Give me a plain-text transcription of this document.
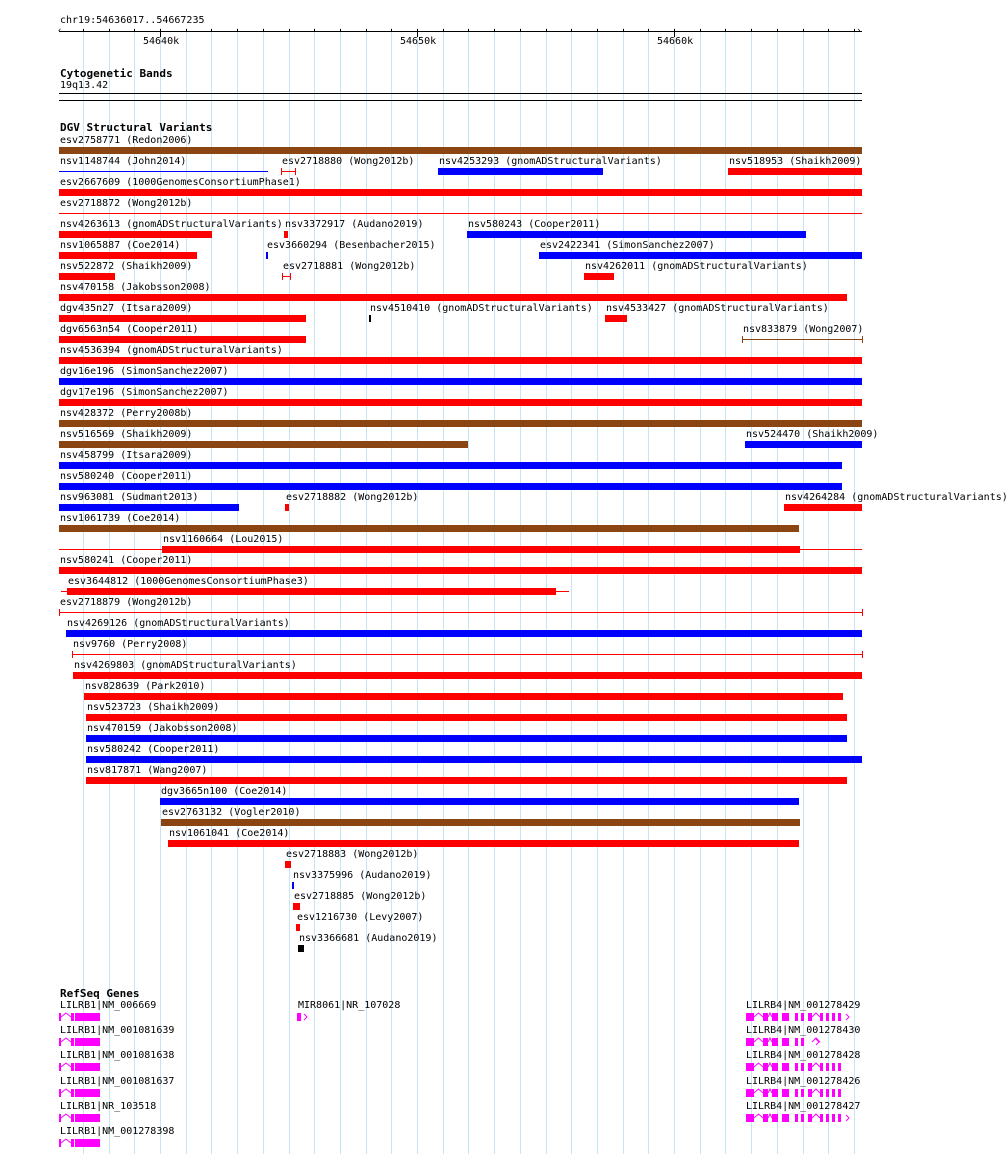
chr19:54636017..54667235
‹	›
54640k	54650k	54660k
Cytogenetic Bands
19q13.42
DGV Structural Variants
esv2758771 (Redon2006)
nsv1148744 (John2014)	esv2718880 (Wong2012b) nsv4253293 (gnomADStructuralVariants)	nsv518953 (Shaikh2009)
esv2667609 (1000GenomesConsortiumPhase1)
esv2718872 (Wong2012b)
nsv4263613 (gnomADStructuralVariants) nsv3372917 (Audano2019)	nsv580243 (Cooper2011)
nsv1065887 (Coe2014)	esv3660294 (Besenbacher2015)	esv2422341 (SimonSanchez2007)
nsv522872 (Shaikh2009)	esv2718881 (Wong2012b)	nsv4262011 (gnomADStructuralVariants)
nsv470158 (Jakobsson2008)
dgv435n27 (Itsara2009)	nsv4510410 (gnomADStructuralVariants) nsv4533427 (gnomADStructuralVariants)
dgv6563n54 (Cooper2011)	nsv833879 (Wong2007)
nsv4536394 (gnomADStructuralVariants)
dgv16e196 (SimonSanchez2007)
dgv17e196 (SimonSanchez2007)
nsv428372 (Perry2008b)
nsv516569 (Shaikh2009)	nsv524470 (Shaikh2009)
nsv458799 (Itsara2009)
nsv580240 (Cooper2011)
nsv963081 (Sudmant2013)	esv2718882 (Wong2012b)	nsv4264284 (gnomADStructuralVariants)
nsv1061739 (Coe2014)
nsv1160664 (Lou2015)
nsv580241 (Cooper2011)
esv3644812 (1000GenomesConsortiumPhase3)
esv2718879 (Wong2012b)
nsv4269126 (gnomADStructuralVariants)
nsv9760 (Perry2008)
nsv4269803 (gnomADStructuralVariants)
nsv828639 (Park2010)
nsv523723 (Shaikh2009)
nsv470159 (Jakobsson2008)
nsv580242 (Cooper2011)
nsv817871 (Wang2007)
dgv3665n100 (Coe2014)
esv2763132 (Vogler2010)
nsv1061041 (Coe2014)
esv2718883 (Wong2012b)
nsv3375996 (Audano2019)
esv2718885 (Wong2012b)
esv1216730 (Levy2007)
nsv3366681 (Audano2019)
RefSeq Genes
LILRB1|NM_006669
LILRB1|NM_001081639
LILRB1|NM_001081638
LILRB1|NM_001081637
LILRB1|NR_103518
LILRB1|NM_001278398
MIR8061|NR_107028	LILRB4|NM_001278429
LILRB4|NM_001278430
LILRB4|NM_001278428
LILRB4|NM_001278426
LILRB4|NM_001278427
